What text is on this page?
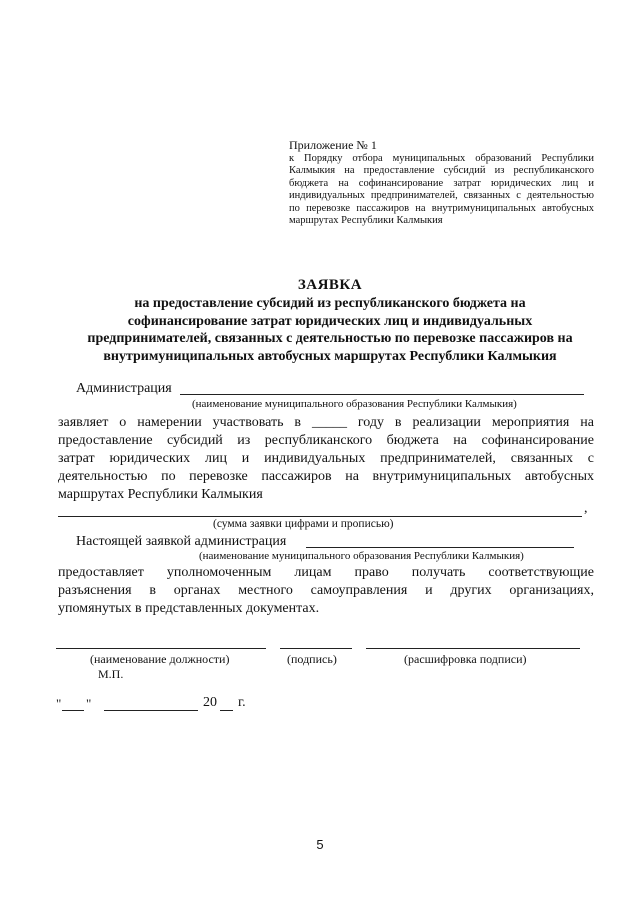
Приложение № 1

к Порядку отбора муниципальных образований Республики Калмыкия на предоставление субсидий из республиканского бюджета на софинансирование затрат юридических лиц и индивидуальных предпринимателей, связанных с деятельностью по перевозке пассажиров на внутримуниципальных автобусных маршрутах Республики Калмыкия

ЗАЯВКА

на предоставление субсидий из республиканского бюджета на

софинансирование затрат юридических лиц и индивидуальных

предпринимателей, связанных с деятельностью по перевозке пассажиров на

внутримуниципальных автобусных маршрутах Республики Калмыкия

Администрация
(наименование муниципального образования Республики Калмыкия)
заявляет о намерении участвовать в _____ году в реализации мероприятия на
предоставление субсидий из республиканского бюджета на софинансирование
затрат юридических лиц и индивидуальных предпринимателей, связанных с
деятельностью по перевозке пассажиров на внутримуниципальных автобусных
маршрутах Республики Калмыкия
,
(сумма заявки цифрами и прописью)
Настоящей заявкой администрация
(наименование муниципального образования Республики Калмыкия)
предоставляет уполномоченным лицам право получать соответствующие
разъяснения в органах местного самоуправления и других организациях,
упомянутых в представленных документах.
(наименование должности)	(подпись)	(расшифровка подписи)
М.П.
" "	20 г.
5
